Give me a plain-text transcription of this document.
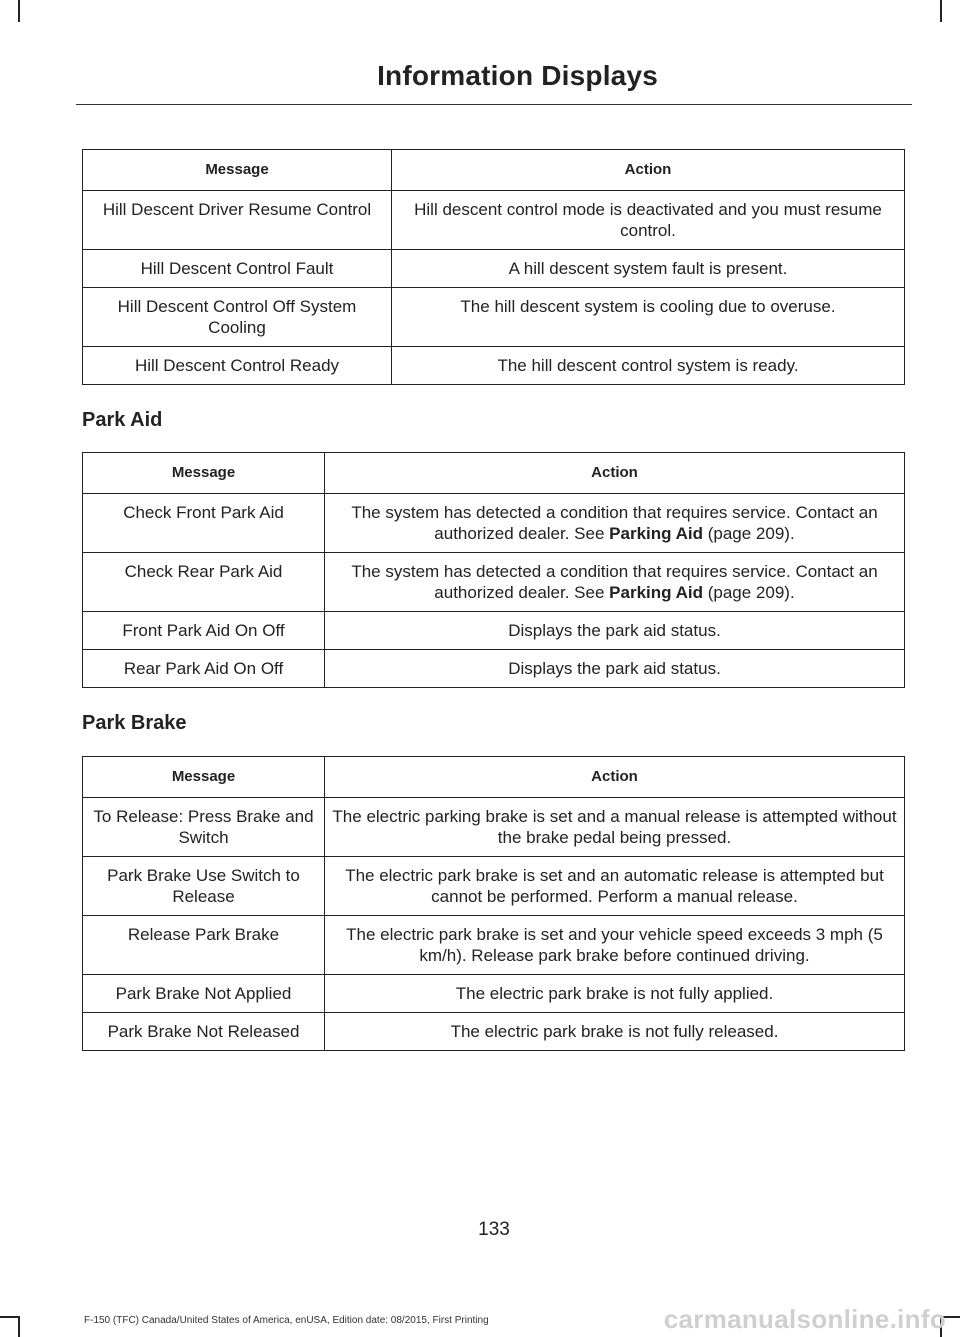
Information Displays
Message	Action
Hill Descent Driver Resume Control	Hill descent control mode is deactivated and you must resume control.
Hill Descent Control Fault	A hill descent system fault is present.
Hill Descent Control Off System Cooling	The hill descent system is cooling due to overuse.
Hill Descent Control Ready	The hill descent control system is ready.
Park Aid
Message	Action
Check Front Park Aid	The system has detected a condition that requires service. Contact an authorized dealer. See Parking Aid (page 209).
Check Rear Park Aid	The system has detected a condition that requires service. Contact an authorized dealer. See Parking Aid (page 209).
Front Park Aid On Off	Displays the park aid status.
Rear Park Aid On Off	Displays the park aid status.
Park Brake
Message	Action
To Release: Press Brake and Switch	The electric parking brake is set and a manual release is attempted without the brake pedal being pressed.
Park Brake Use Switch to Release	The electric park brake is set and an automatic release is attempted but cannot be performed. Perform a manual release.
Release Park Brake	The electric park brake is set and your vehicle speed exceeds 3 mph (5 km/h). Release park brake before continued driving.
Park Brake Not Applied	The electric park brake is not fully applied.
Park Brake Not Released	The electric park brake is not fully released.
133
F-150 (TFC) Canada/United States of America, enUSA, Edition date: 08/2015, First Printing	carmanualsonline.info
